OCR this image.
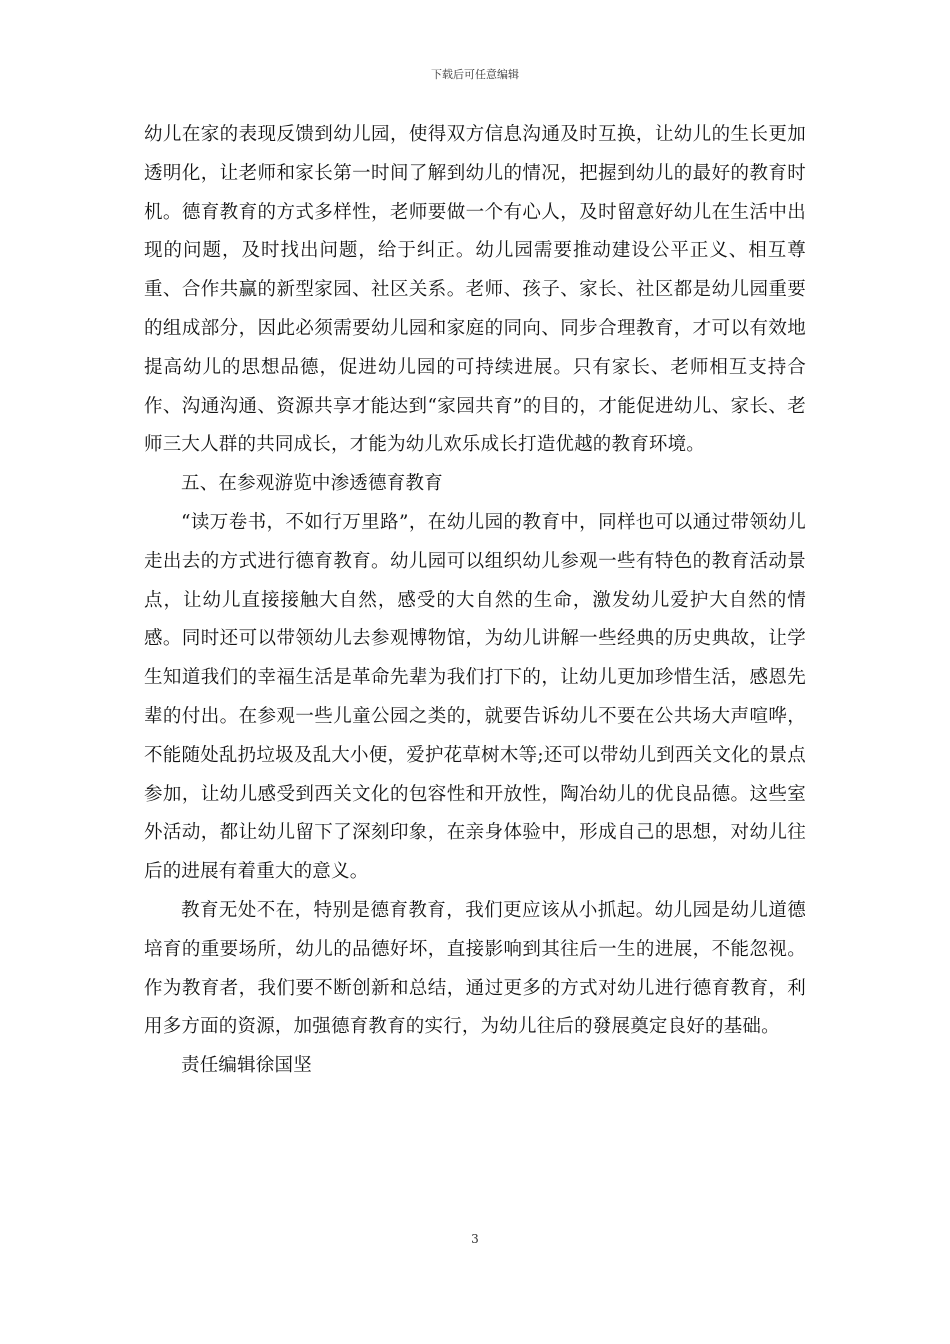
下载后可任意编辑

幼儿在家的表现反馈到幼儿园，使得双方信息沟通及时互换，让幼儿的生长更加透明化，让老师和家长第一时间了解到幼儿的情况，把握到幼儿的最好的教育时机。德育教育的方式多样性，老师要做一个有心人，及时留意好幼儿在生活中出现的问题，及时找出问题，给于纠正。幼儿园需要推动建设公平正义、相互尊重、合作共赢的新型家园、社区关系。老师、孩子、家长、社区都是幼儿园重要的组成部分，因此必须需要幼儿园和家庭的同向、同步合理教育，才可以有效地提高幼儿的思想品德，促进幼儿园的可持续进展。只有家长、老师相互支持合作、沟通沟通、资源共享才能达到“家园共育”的目的，才能促进幼儿、家长、老师三大人群的共同成长，才能为幼儿欢乐成长打造优越的教育环境。

五、在参观游览中渗透德育教育

“读万卷书，不如行万里路”，在幼儿园的教育中，同样也可以通过带领幼儿走出去的方式进行德育教育。幼儿园可以组织幼儿参观一些有特色的教育活动景点，让幼儿直接接触大自然，感受的大自然的生命，激发幼儿爱护大自然的情感。同时还可以带领幼儿去参观博物馆，为幼儿讲解一些经典的历史典故，让学生知道我们的幸福生活是革命先辈为我们打下的，让幼儿更加珍惜生活，感恩先辈的付出。在参观一些儿童公园之类的，就要告诉幼儿不要在公共场大声喧哗，不能随处乱扔垃圾及乱大小便，爱护花草树木等;还可以带幼儿到西关文化的景点参加，让幼儿感受到西关文化的包容性和开放性，陶冶幼儿的优良品德。这些室外活动，都让幼儿留下了深刻印象，在亲身体验中，形成自己的思想，对幼儿往后的进展有着重大的意义。

教育无处不在，特别是德育教育，我们更应该从小抓起。幼儿园是幼儿道德培育的重要场所，幼儿的品德好坏，直接影响到其往后一生的进展，不能忽视。作为教育者，我们要不断创新和总结，通过更多的方式对幼儿进行德育教育，利用多方面的资源，加强德育教育的实行，为幼儿往后的發展奠定良好的基础。

责任编辑徐国坚

3
